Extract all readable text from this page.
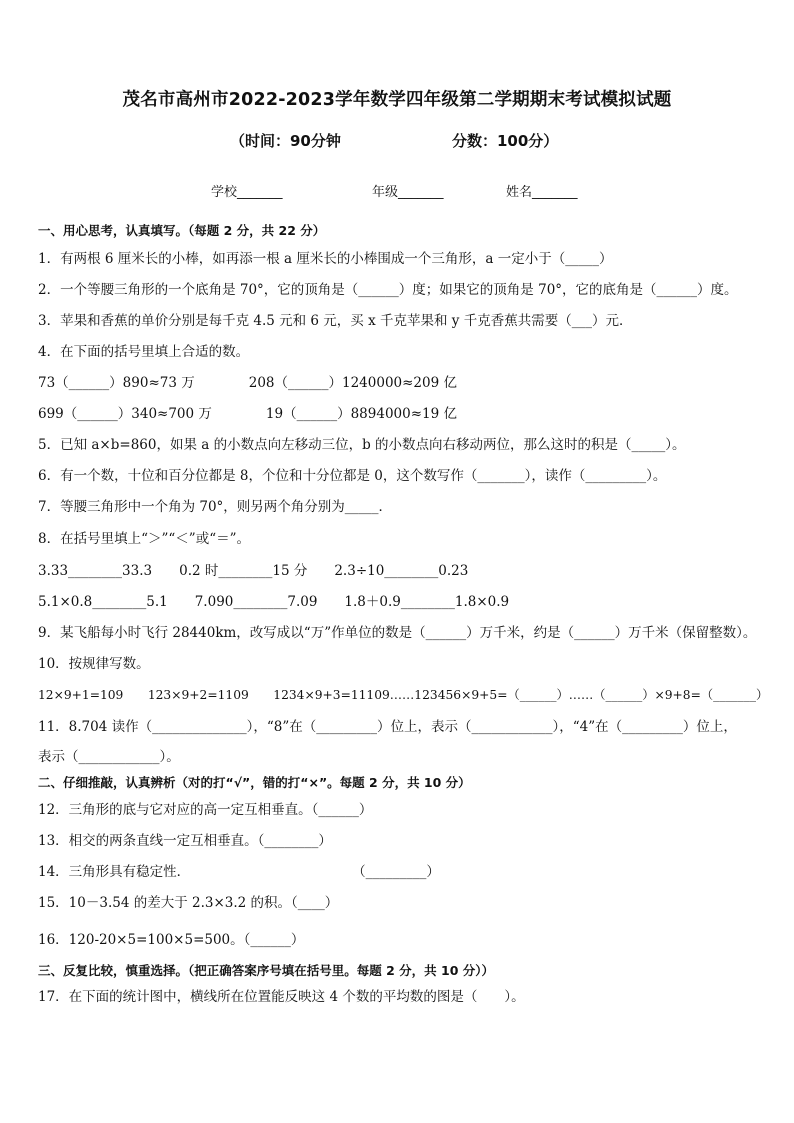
茂名市高州市2022-2023学年数学四年级第二学期期末考试模拟试题
（时间：90分钟	分数：100分）
学校_______	年级_______	姓名_______
一、用心思考，认真填写。（每题 2 分，共 22 分）
1．有两根 6 厘米长的小棒，如再添一根 a 厘米长的小棒围成一个三角形，a 一定小于（_____）
2．一个等腰三角形的一个底角是 70°，它的顶角是（______）度；如果它的顶角是 70°，它的底角是（______）度。
3．苹果和香蕉的单价分别是每千克 4.5 元和 6 元，买 x 千克苹果和 y 千克香蕉共需要（___）元．
4．在下面的括号里填上合适的数。
73（______）890≈73 万　　　　208（______）1240000≈209 亿
699（______）340≈700 万　　　　19（______）8894000≈19 亿
5．已知 a×b=860，如果 a 的小数点向左移动三位，b 的小数点向右移动两位，那么这时的积是（_____）。
6．有一个数，十位和百分位都是 8，个位和十分位都是 0，这个数写作（_______），读作（_________）。
7．等腰三角形中一个角为 70°，则另两个角分别为_____．
8．在括号里填上“＞”“＜”或“＝”。
3.33________33.3　　0.2 时________15 分　　2.3÷10________0.23
5.1×0.8________5.1　　7.090________7.09　　1.8＋0.9________1.8×0.9
9．某飞船每小时飞行 28440km，改写成以“万”作单位的数是（______）万千米，约是（______）万千米（保留整数）。
10．按规律写数。
12×9+1=109　　123×9+2=1109　　1234×9+3=11109……123456×9+5=（______）……（______）×9+8=（_______）
11．8.704 读作（______________），“8”在（_________）位上，表示（____________），“4”在（_________）位上，
表示（____________）。
二、仔细推敲，认真辨析（对的打“√”，错的打“×”。每题 2 分，共 10 分）
12．三角形的底与它对应的高一定互相垂直。（______）
13．相交的两条直线一定互相垂直。（________）
14．三角形具有稳定性．　　　　　　　　　　　　　（_________）
15．10－3.54 的差大于 2.3×3.2 的积。（____）
16．120-20×5=100×5=500。（______）
三、反复比较，慎重选择。（把正确答案序号填在括号里。每题 2 分，共 10 分））
17．在下面的统计图中，横线所在位置能反映这 4 个数的平均数的图是（　　）。
